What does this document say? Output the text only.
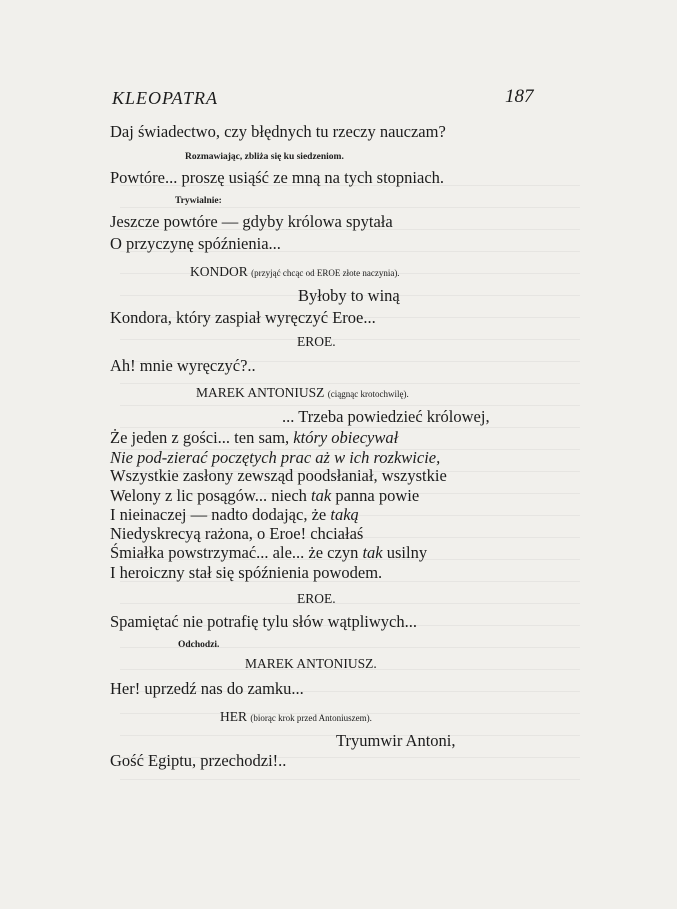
KLEOPATRA	187
Daj świadectwo, czy błędnych tu rzeczy nauczam?
Rozmawiając, zbliża się ku siedzeniom.
Powtóre... proszę usiąść ze mną na tych stopniach.
Trywialnie:
Jeszcze powtóre — gdyby królowa spytała
O przyczynę spóźnienia...
KONDOR (przyjąć chcąc od EROE złote naczynia).
Byłoby to winą
Kondora, który zaspiał wyręczyć Eroe...
EROE.
Ah! mnie wyręczyć?..
MAREK ANTONIUSZ (ciągnąc krotochwilę).
... Trzeba powiedzieć królowej,
Że jeden z gości... ten sam, który obiecywał
Nie pod-zierać poczętych prac aż w ich rozkwicie,
Wszystkie zasłony zewsząd poodsłaniał, wszystkie
Welony z lic posągów... niech tak panna powie
I nieinaczej — nadto dodając, że taką
Niedyskrecyą rażona, o Eroe! chciałaś
Śmiałka powstrzymać... ale... że czyn tak usilny
I heroiczny stał się spóźnienia powodem.
EROE.
Spamiętać nie potrafię tylu słów wątpliwych...
Odchodzi.
MAREK ANTONIUSZ.
Her! uprzedź nas do zamku...
HER (biorąc krok przed Antoniuszem).
Tryumwir Antoni,
Gość Egiptu, przechodzi!..
